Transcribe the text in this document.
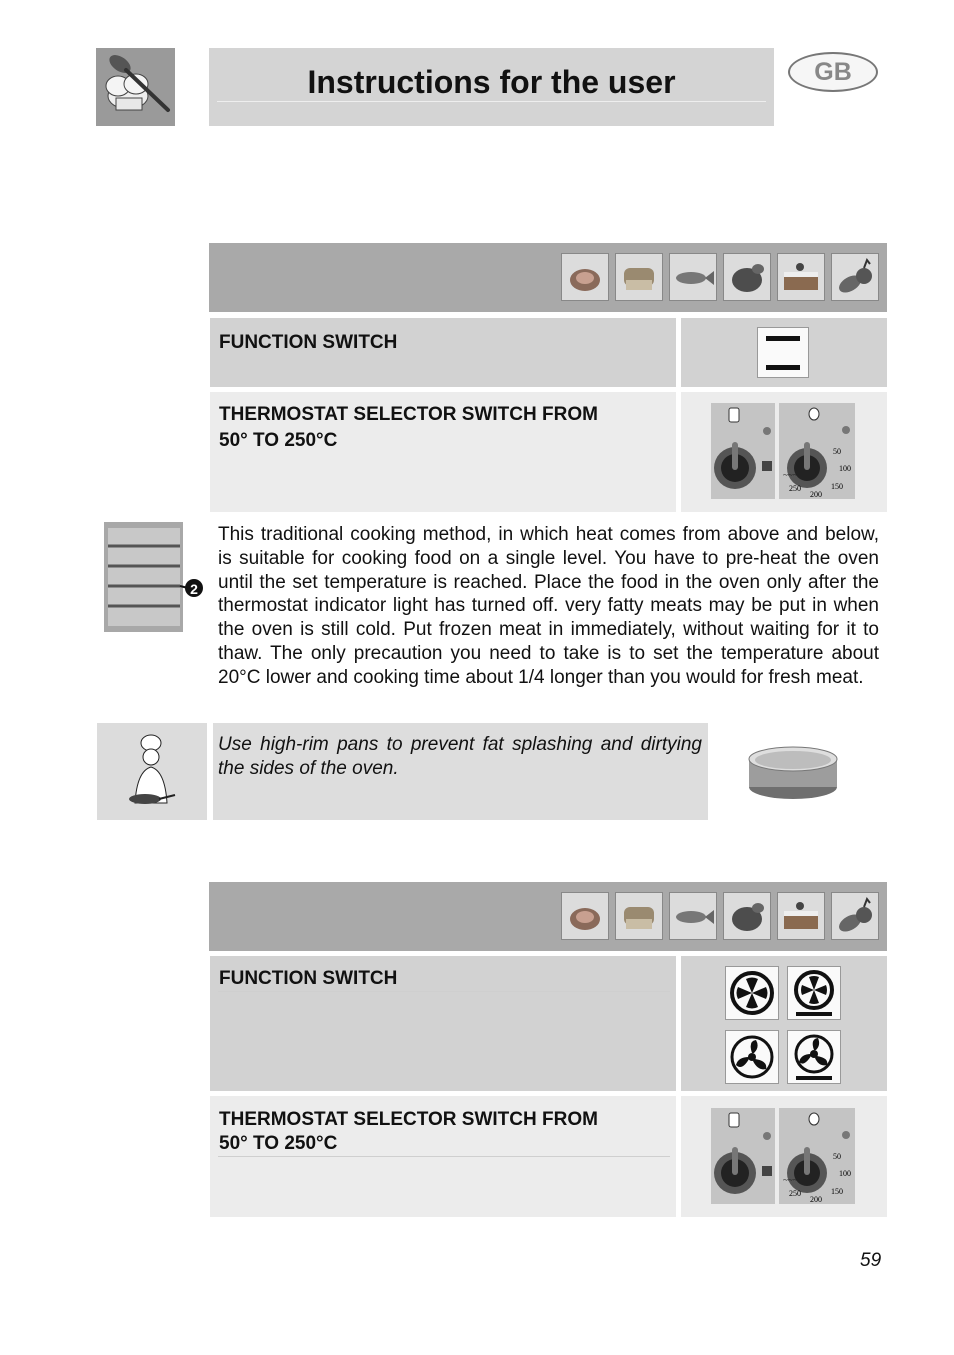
Instructions for the user	GB
FUNCTION SWITCH
THERMOSTAT SELECTOR SWITCH FROM
50° TO 250°C
~~~
50
100
150
200
250
2
This traditional cooking method, in which heat comes from above and below, is suitable for cooking food on a single level. You have to pre-heat the oven until the set temperature is reached. Place the food in the oven only after the thermostat indicator light has turned off. very fatty meats may be put in when the oven is still cold. Put frozen meat in immediately, without waiting for it to thaw. The only precaution you need to take is to set the temperature about 20°C lower and cooking time about 1/4 longer than you would for fresh meat.
Use high-rim pans to prevent fat splashing and dirtying the sides of the oven.
FUNCTION SWITCH
THERMOSTAT SELECTOR SWITCH FROM
50° TO 250°C
~~~
50
100
150
200
250
59
